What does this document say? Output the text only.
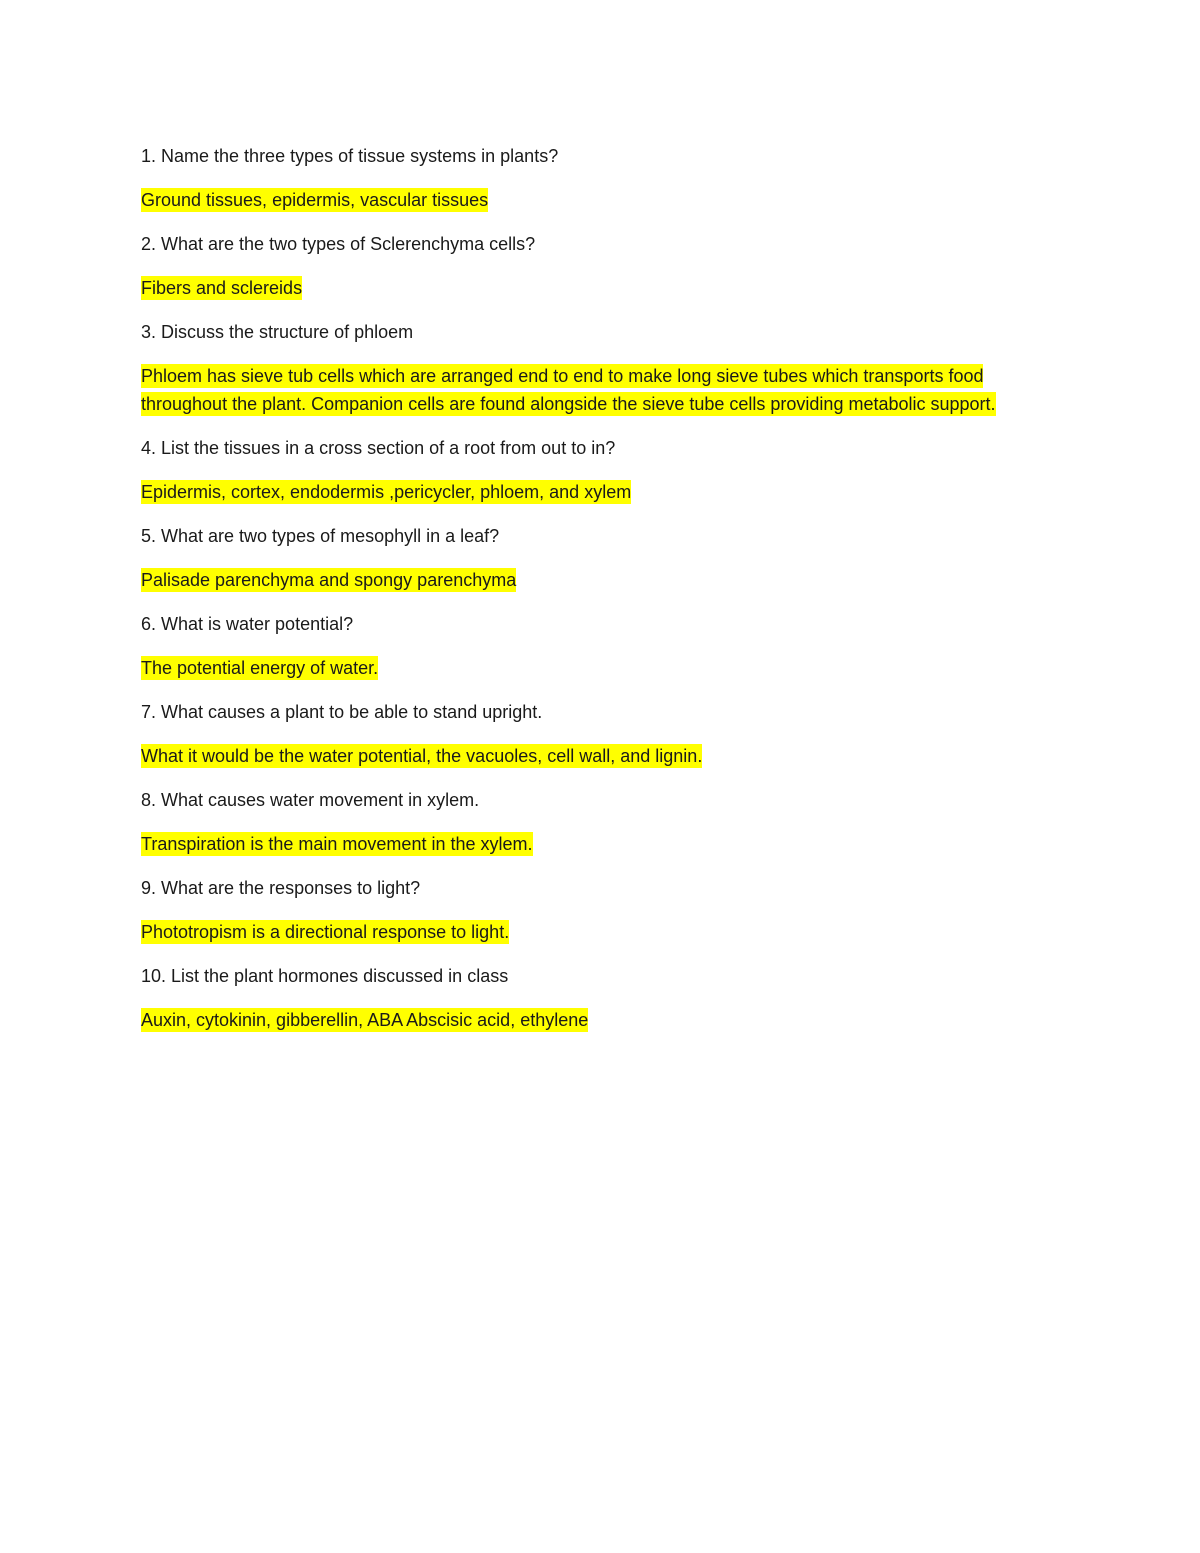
1. Name the three types of tissue systems in plants?
Ground tissues, epidermis, vascular tissues
2. What are the two types of Sclerenchyma cells?
Fibers and sclereids
3. Discuss the structure of phloem
Phloem has sieve tub cells which are arranged end to end to make long sieve tubes which transports food throughout the plant. Companion cells are found alongside the sieve tube cells providing metabolic support.
4. List the tissues in a cross section of a root from out to in?
Epidermis, cortex, endodermis ,pericycler, phloem, and xylem
5. What are two types of mesophyll in a leaf?
Palisade parenchyma and spongy parenchyma
6. What is water potential?
The potential energy of water.
7. What causes a plant to be able to stand upright.
What it would be the water potential, the vacuoles, cell wall, and lignin.
8. What causes water movement in xylem.
Transpiration is the main movement in the xylem.
9. What are the responses to light?
Phototropism is a directional response to light.
10. List the plant hormones discussed in class
Auxin, cytokinin, gibberellin, ABA Abscisic acid, ethylene
